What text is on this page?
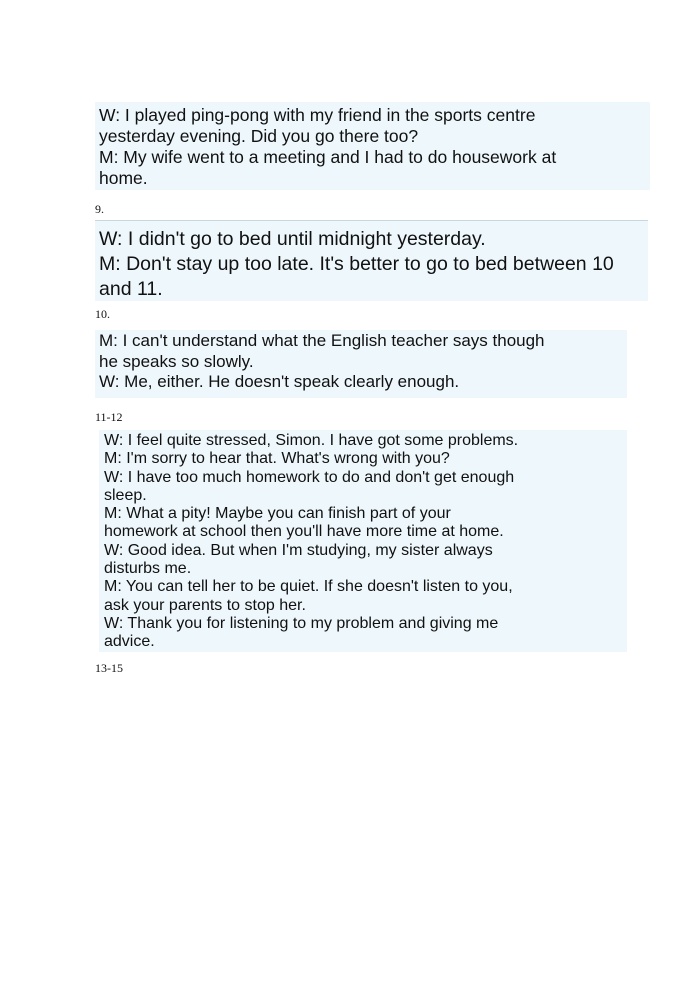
W: I played ping-pong with my friend in the sports centre
yesterday evening. Did you go there too?
M: My wife went to a meeting and I had to do housework at
home.
9.
W: I didn't go to bed until midnight yesterday.
M: Don't stay up too late. It's better to go to bed between 10
and 11.
10.
M: I can't understand what the English teacher says though
he speaks so slowly.
W: Me, either. He doesn't speak clearly enough.
11-12
W: I feel quite stressed, Simon. I have got some problems.
M: I'm sorry to hear that. What's wrong with you?
W: I have too much homework to do and don't get enough
sleep.
M: What a pity! Maybe you can finish part of your
homework at school then you'll have more time at home.
W: Good idea. But when I'm studying, my sister always
disturbs me.
M: You can tell her to be quiet. If she doesn't listen to you,
ask your parents to stop her.
W: Thank you for listening to my problem and giving me
advice.
13-15
